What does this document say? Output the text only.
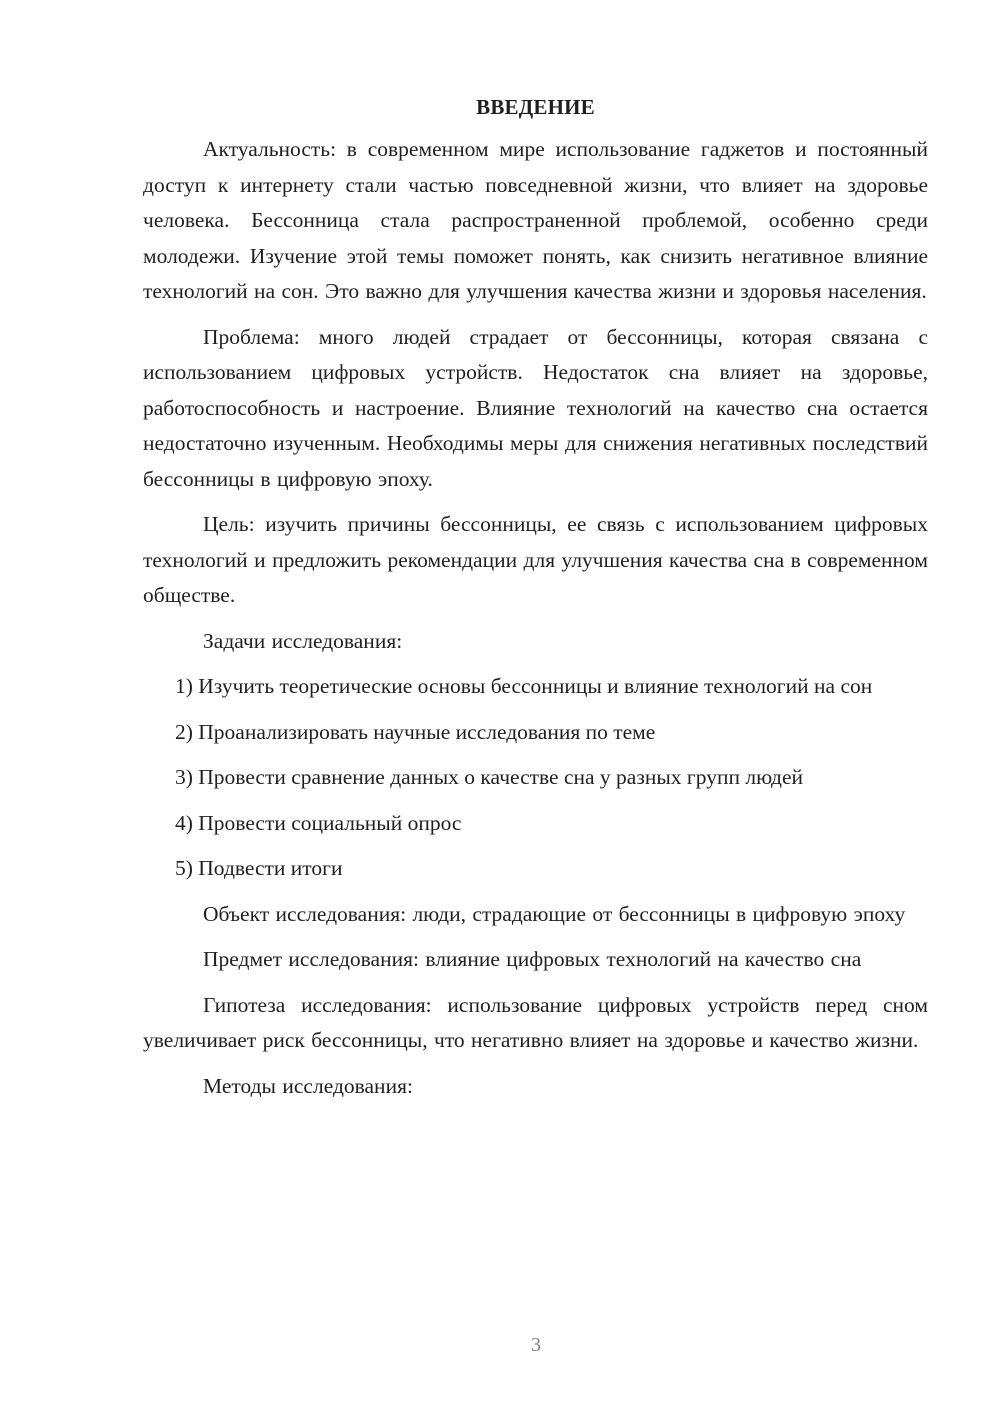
ВВЕДЕНИЕ

Актуальность: в современном мире использование гаджетов и постоянный доступ к интернету стали частью повседневной жизни, что влияет на здоровье человека. Бессонница стала распространенной проблемой, особенно среди молодежи. Изучение этой темы поможет понять, как снизить негативное влияние технологий на сон. Это важно для улучшения качества жизни и здоровья населения.

Проблема: много людей страдает от бессонницы, которая связана с использованием цифровых устройств. Недостаток сна влияет на здоровье, работоспособность и настроение. Влияние технологий на качество сна остается недостаточно изученным. Необходимы меры для снижения негативных последствий бессонницы в цифровую эпоху.

Цель: изучить причины бессонницы, ее связь с использованием цифровых технологий и предложить рекомендации для улучшения качества сна в современном обществе.

Задачи исследования:

1) Изучить теоретические основы бессонницы и влияние технологий на сон

2) Проанализировать научные исследования по теме

3) Провести сравнение данных о качестве сна у разных групп людей

4) Провести социальный опрос

5) Подвести итоги

Объект исследования: люди, страдающие от бессонницы в цифровую эпоху

Предмет исследования: влияние цифровых технологий на качество сна

Гипотеза исследования: использование цифровых устройств перед сном увеличивает риск бессонницы, что негативно влияет на здоровье и качество жизни.

Методы исследования:

3
